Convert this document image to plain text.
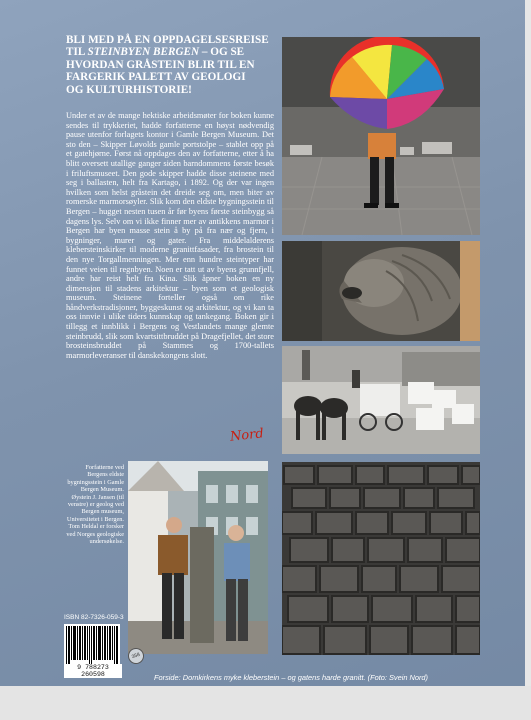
BLI MED PÅ EN OPPDAGELSESREISE
TIL STEINBYEN BERGEN – OG SE
HVORDAN GRÅSTEIN BLIR TIL EN
FARGERIK PALETT AV GEOLOGI
OG KULTURHISTORIE!
Under et av de mange hektiske arbeidsmøter for boken kunne sendes til trykkeriet, hadde forfatterne en høyst nødvendig pause utenfor forlagets kontor i Gamle Bergen Museum. Det sto den – Skipper Løvolds gamle portstolpe – stablet opp på et gatehjørne. Først nå oppdages den av forfatterne, etter å ha blitt oversett utallige ganger siden barndommens første besøk i friluftsmuseet. Den gode skipper hadde disse steinene med seg i ballasten, helt fra Kartago, i 1892. Og der var ingen hvilken som helst gråstein det dreide seg om, men biter av romerske marmorsøyler. Slik kom den eldste bygningsstein til Bergen – hugget nesten tusen år før byens første steinbygg så dagens lys. Selv om vi ikke finner mer av antikkens marmor i Bergen har byen masse stein å by på fra nær og fjern, i bygninger, murer og gater. Fra middelalderens klebersteinskirker til moderne granittfasader, fra brostein til den nye Torgallmenningen. Mer enn hundre steintyper har funnet veien til regnbyen. Noen er tatt ut av byens grunnfjell, andre har reist helt fra Kina. Slik åpner boken en ny dimensjon til stadens arkitektur – byen som et geologisk museum. Steinene forteller også om rike håndverkstradisjoner, byggeskunst og arkitektur, og vi kan ta oss innvie i ulike tiders kunnskap og tankegang. Boken gir i tillegg et innblikk i Bergens og Vestlandets mange glemte steinbrudd, slik som kvartsittbruddet på Dragefjellet, det store brosteinsbruddet på Stammes og 1700-tallets marmorleveranser til danskekongens slott.
Nord
Forfatterne ved Bergens eldste bygningsstein i Gamle Bergen Museum. Øystein J. Jansen (til venstre) er geolog ved Bergen museum, Universitetet i Bergen. Tom Heldal er forsker ved Norges geologiske undersøkelse.
ISBN 82-7326-059-3
9 788273 260598
358
Forside: Domkirkens myke kleberstein – og gatens harde granitt. (Foto: Svein Nord)
